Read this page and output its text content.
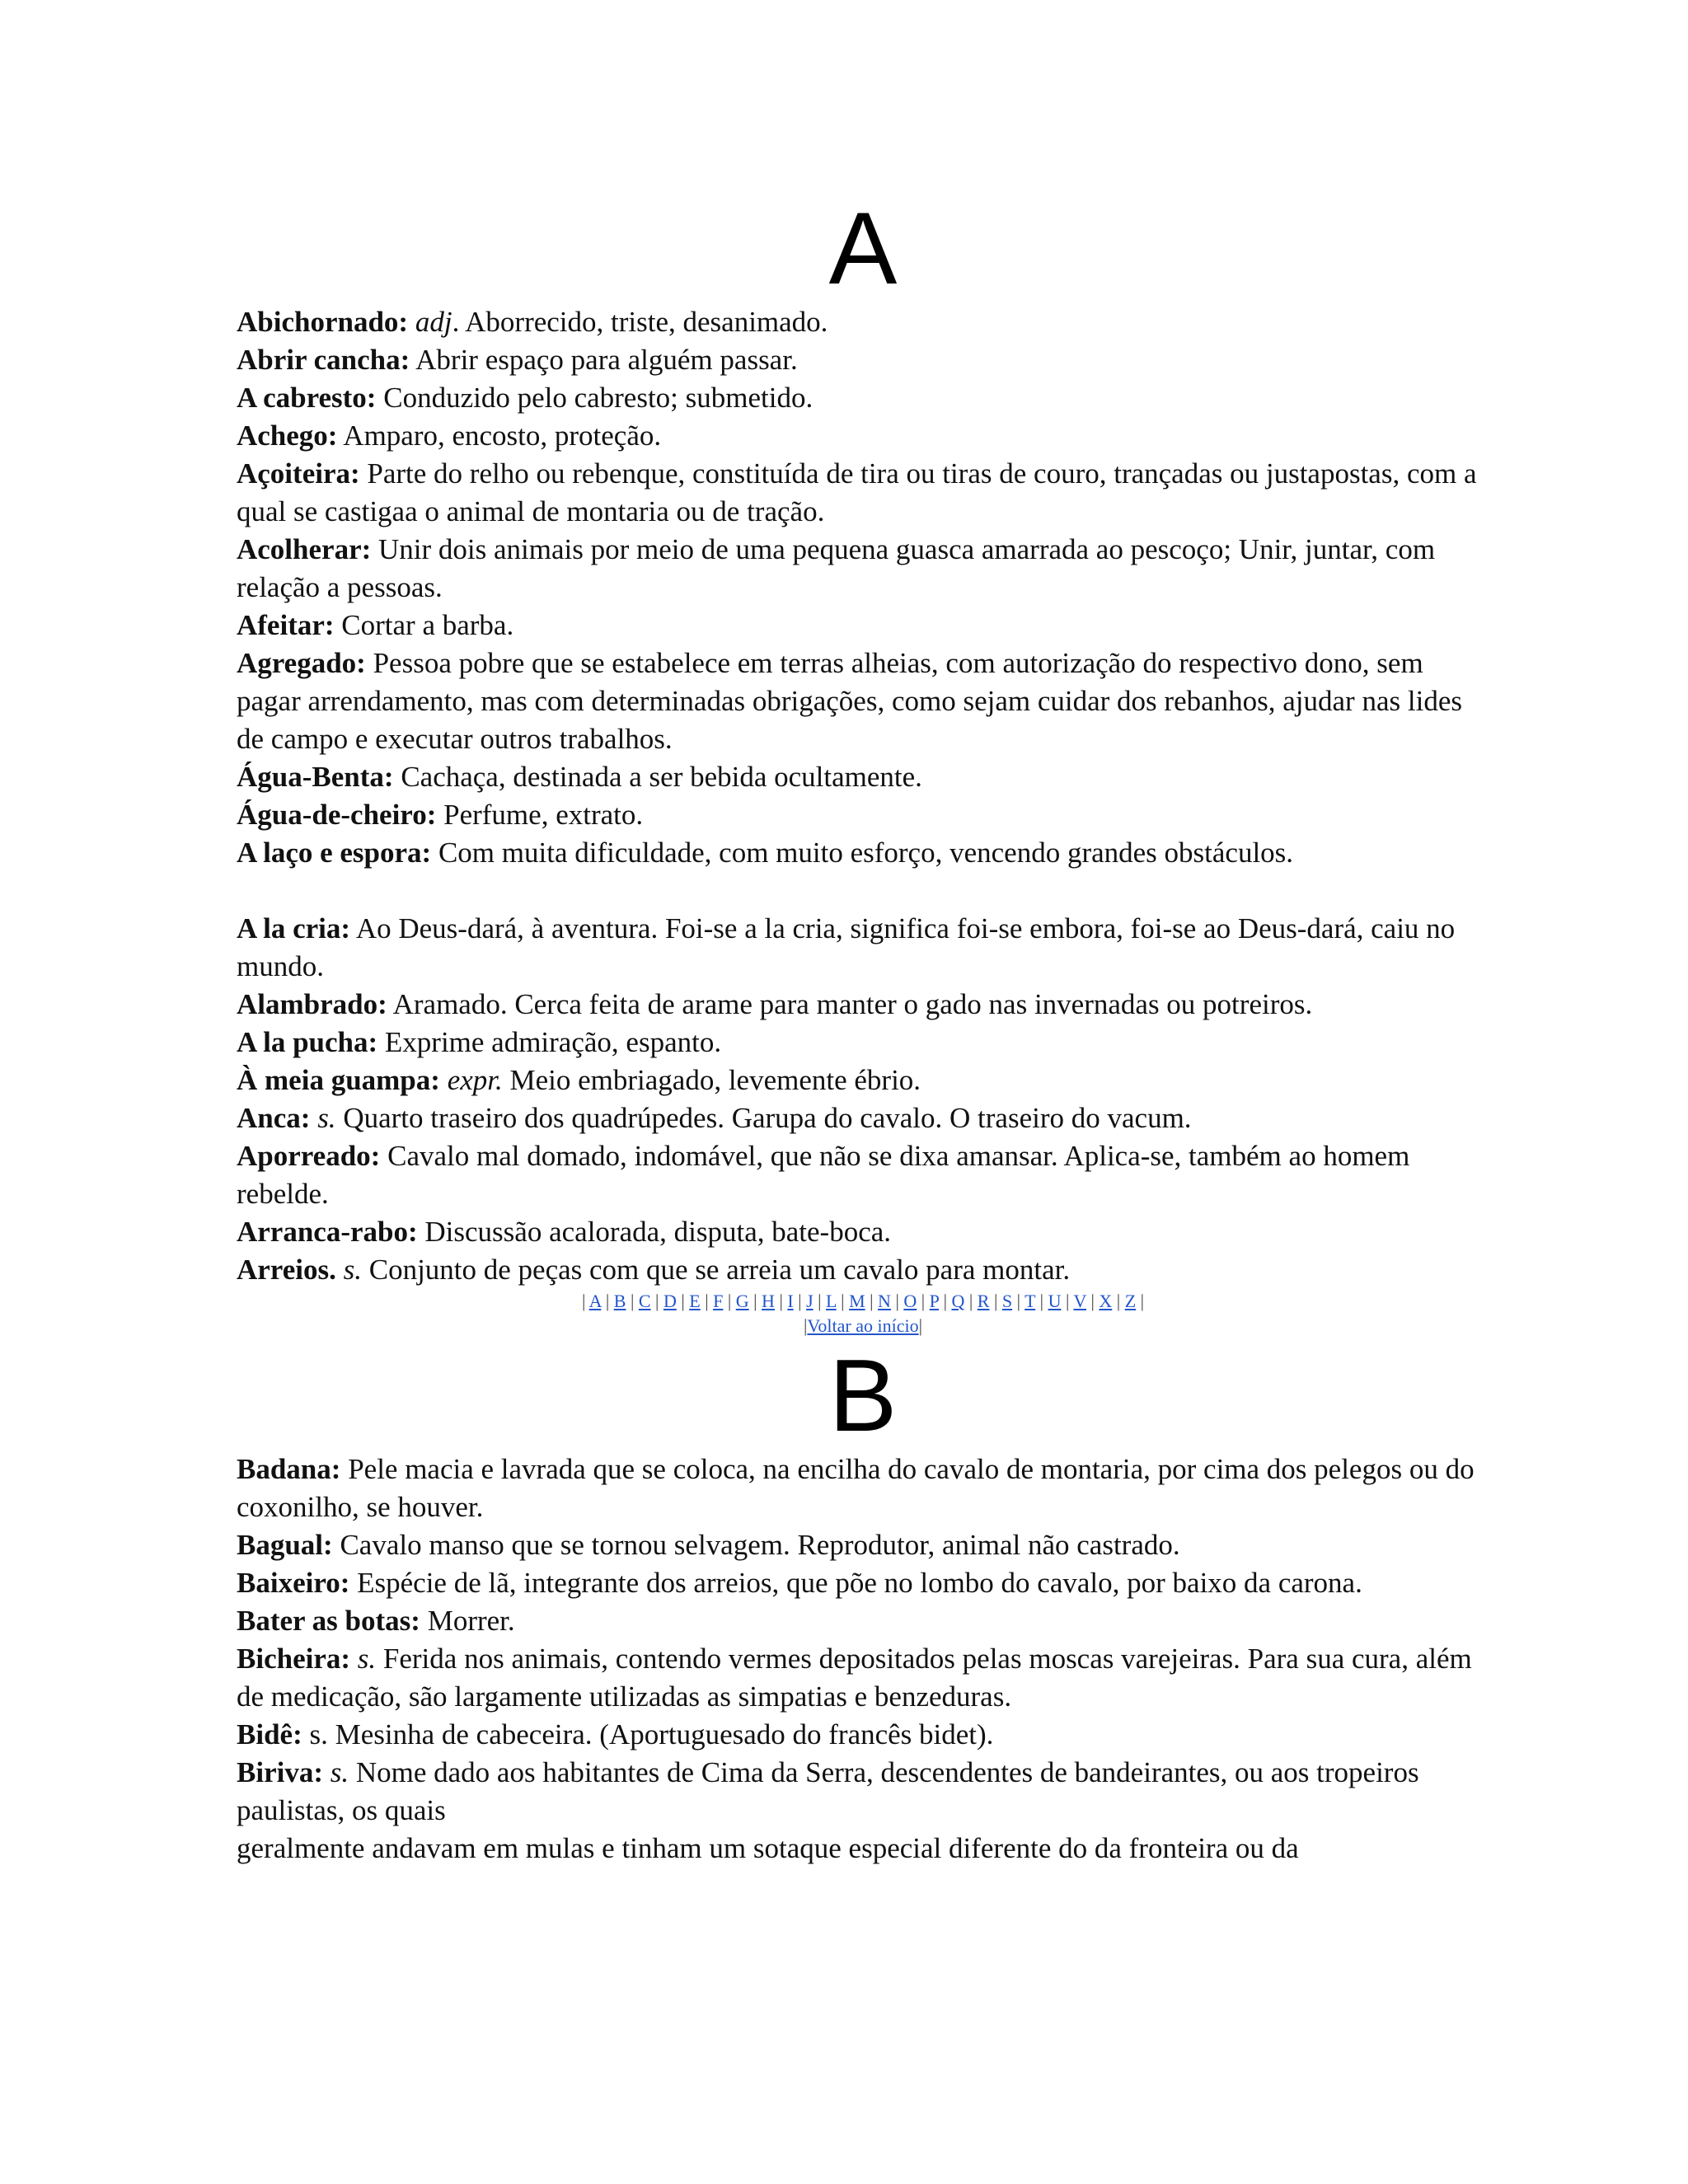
A

Abichornado: adj. Aborrecido, triste, desanimado.

Abrir cancha: Abrir espaço para alguém passar.

A cabresto: Conduzido pelo cabresto; submetido.

Achego: Amparo, encosto, proteção.

Açoiteira: Parte do relho ou rebenque, constituída de tira ou tiras de couro, trançadas ou justapostas, com a qual se castigaa o animal de montaria ou de tração.

Acolherar: Unir dois animais por meio de uma pequena guasca amarrada ao pescoço; Unir, juntar, com relação a pessoas.

Afeitar: Cortar a barba.

Agregado: Pessoa pobre que se estabelece em terras alheias, com autorização do respectivo dono, sem pagar arrendamento, mas com determinadas obrigações, como sejam cuidar dos rebanhos, ajudar nas lides de campo e executar outros trabalhos.

Água-Benta: Cachaça, destinada a ser bebida ocultamente.

Água-de-cheiro: Perfume, extrato.

A laço e espora: Com muita dificuldade, com muito esforço, vencendo grandes obstáculos.

A la cria: Ao Deus-dará, à aventura. Foi-se a la cria, significa foi-se embora, foi-se ao Deus-dará, caiu no mundo.

Alambrado: Aramado. Cerca feita de arame para manter o gado nas invernadas ou potreiros.

A la pucha: Exprime admiração, espanto.

À meia guampa: expr. Meio embriagado, levemente ébrio.

Anca: s. Quarto traseiro dos quadrúpedes. Garupa do cavalo. O traseiro do vacum.

Aporreado: Cavalo mal domado, indomável, que não se dixa amansar. Aplica-se, também ao homem rebelde.

Arranca-rabo: Discussão acalorada, disputa, bate-boca.

Arreios. s. Conjunto de peças com que se arreia um cavalo para montar.

| A | B | C | D | E | F | G | H | I | J | L | M | N | O | P | Q | R | S | T | U | V | X | Z |
|Voltar ao início|
B

Badana: Pele macia e lavrada que se coloca, na encilha do cavalo de montaria, por cima dos pelegos ou do coxonilho, se houver.

Bagual: Cavalo manso que se tornou selvagem. Reprodutor, animal não castrado.

Baixeiro: Espécie de lã, integrante dos arreios, que põe no lombo do cavalo, por baixo da carona.

Bater as botas: Morrer.

Bicheira: s. Ferida nos animais, contendo vermes depositados pelas moscas varejeiras. Para sua cura, além de medicação, são largamente utilizadas as simpatias e benzeduras.

Bidê: s. Mesinha de cabeceira. (Aportuguesado do francês bidet).

Biriva: s. Nome dado aos habitantes de Cima da Serra, descendentes de bandeirantes, ou aos tropeiros paulistas, os quais

geralmente andavam em mulas e tinham um sotaque especial diferente do da fronteira ou da
